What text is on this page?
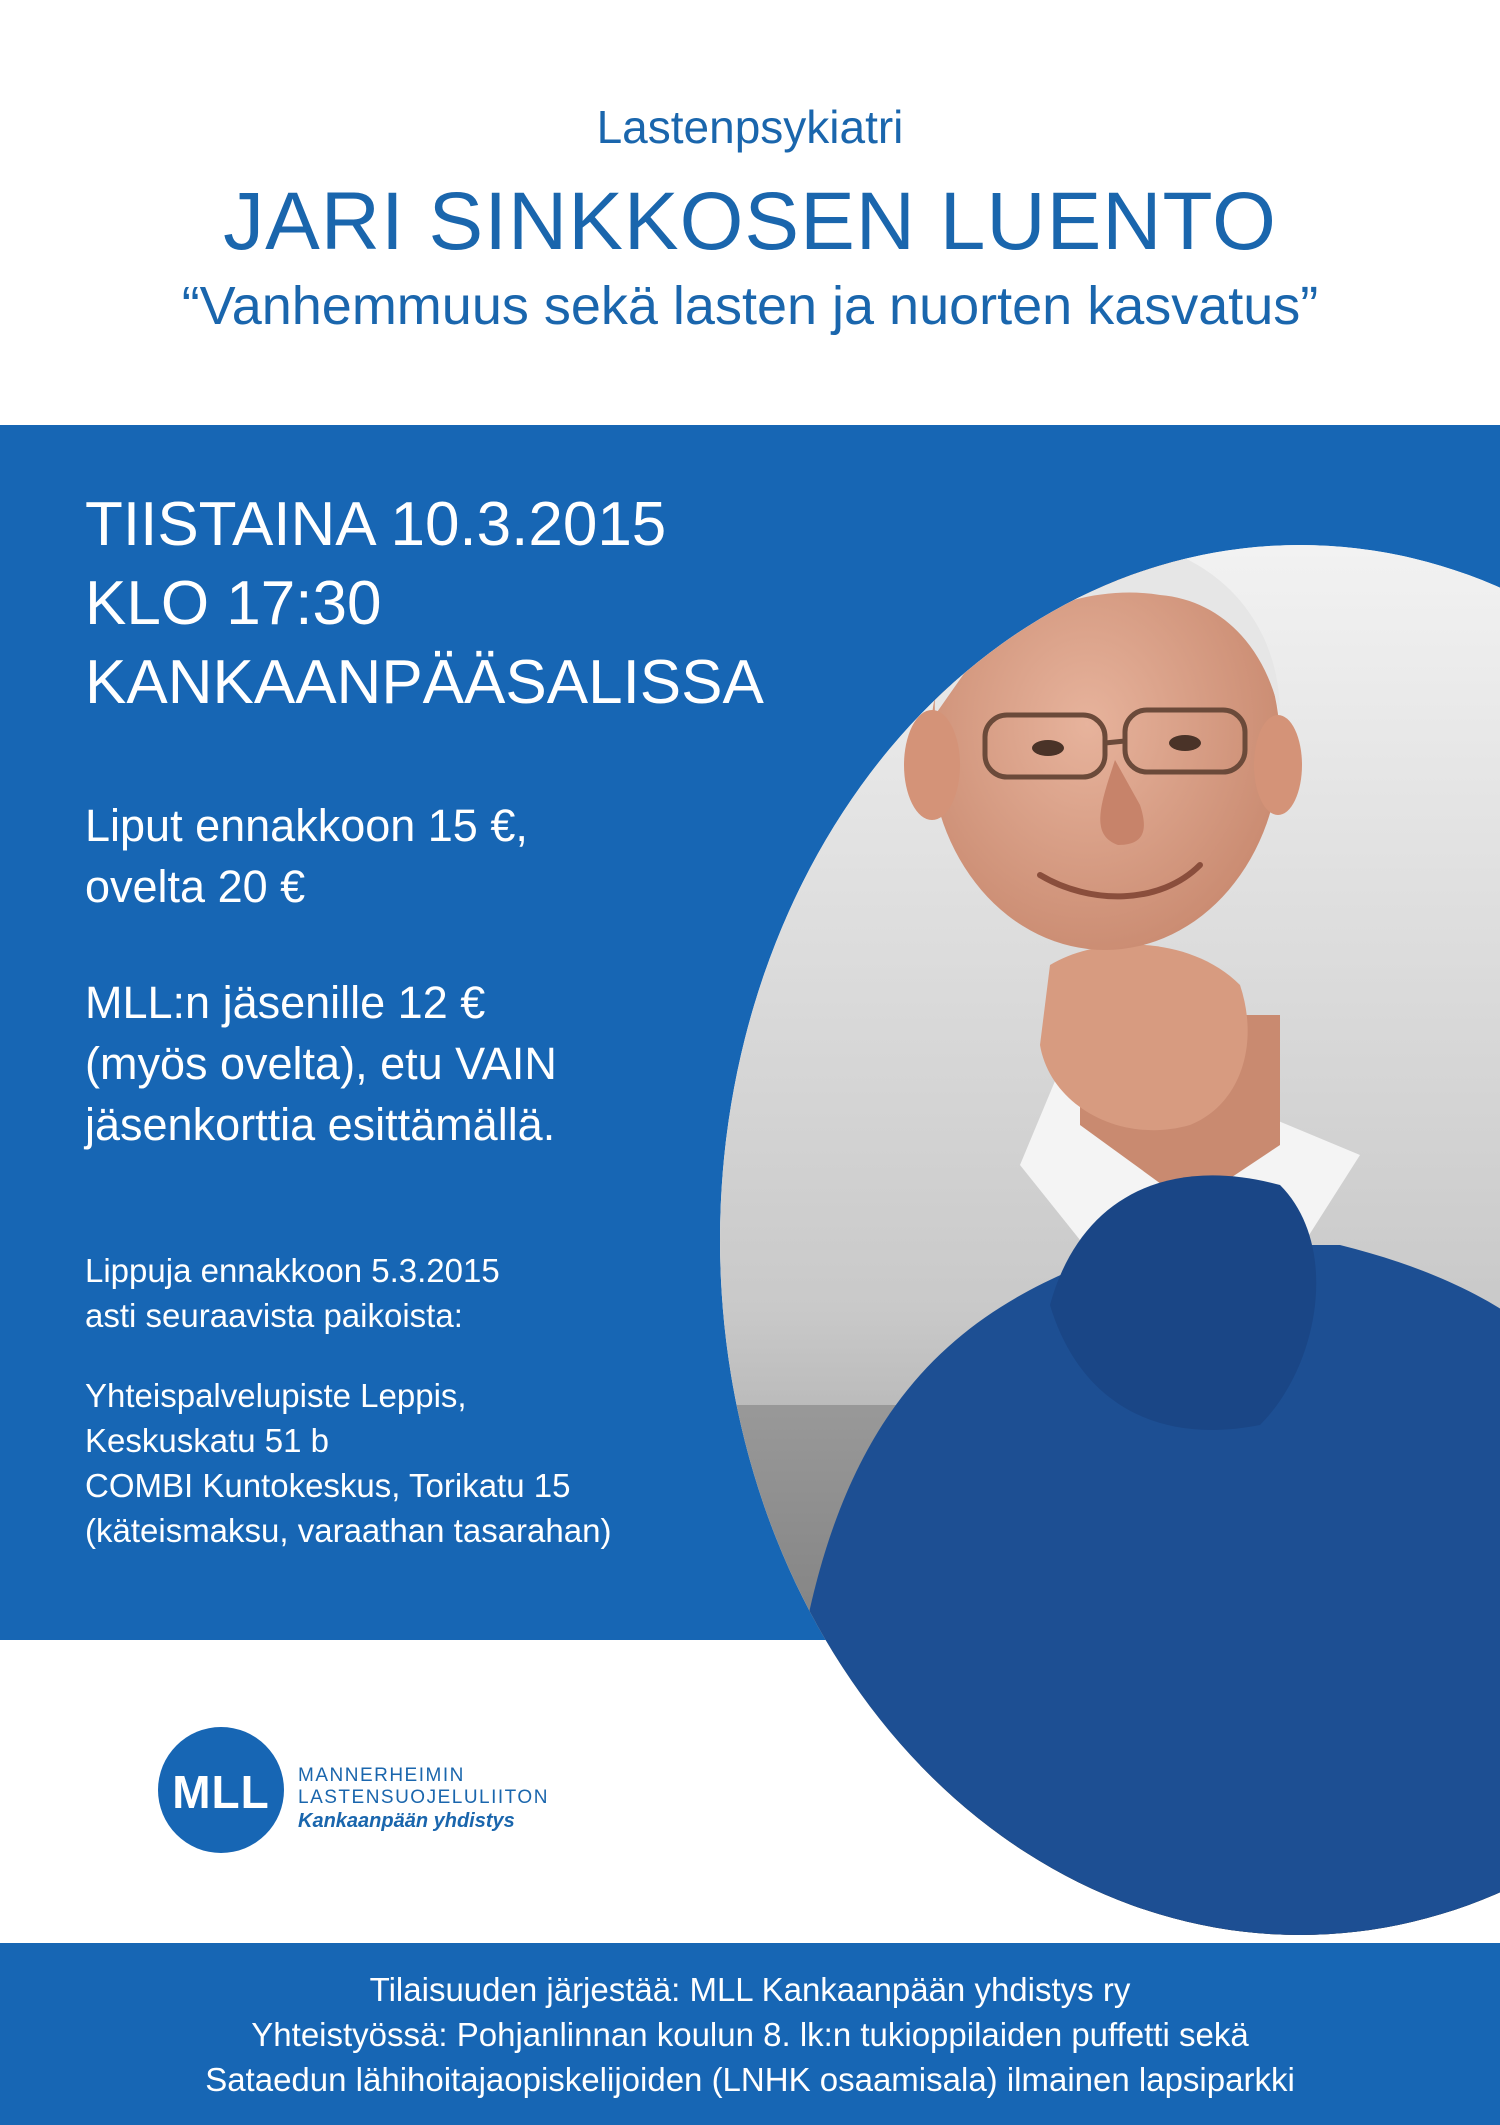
Lastenpsykiatri
JARI SINKKOSEN LUENTO
“Vanhemmuus sekä lasten ja nuorten kasvatus”
TIISTAINA 10.3.2015
KLO 17:30
KANKAANPÄÄSALISSA
Liput ennakkoon 15 €,
ovelta 20 €
MLL:n jäsenille 12 €
(myös ovelta), etu VAIN
jäsenkorttia esittämällä.
Lippuja ennakkoon 5.3.2015
asti seuraavista paikoista:
Yhteispalvelupiste Leppis,
Keskuskatu 51 b
COMBI Kuntokeskus, Torikatu 15
(käteismaksu, varaathan tasarahan)
MLL	MANNERHEIMIN
LASTENSUOJELULIITON
Kankaanpään yhdistys
Tilaisuuden järjestää: MLL Kankaanpään yhdistys ry
Yhteistyössä: Pohjanlinnan koulun 8. lk:n tukioppilaiden puffetti sekä
Sataedun lähihoitajaopiskelijoiden (LNHK osaamisala) ilmainen lapsiparkki
